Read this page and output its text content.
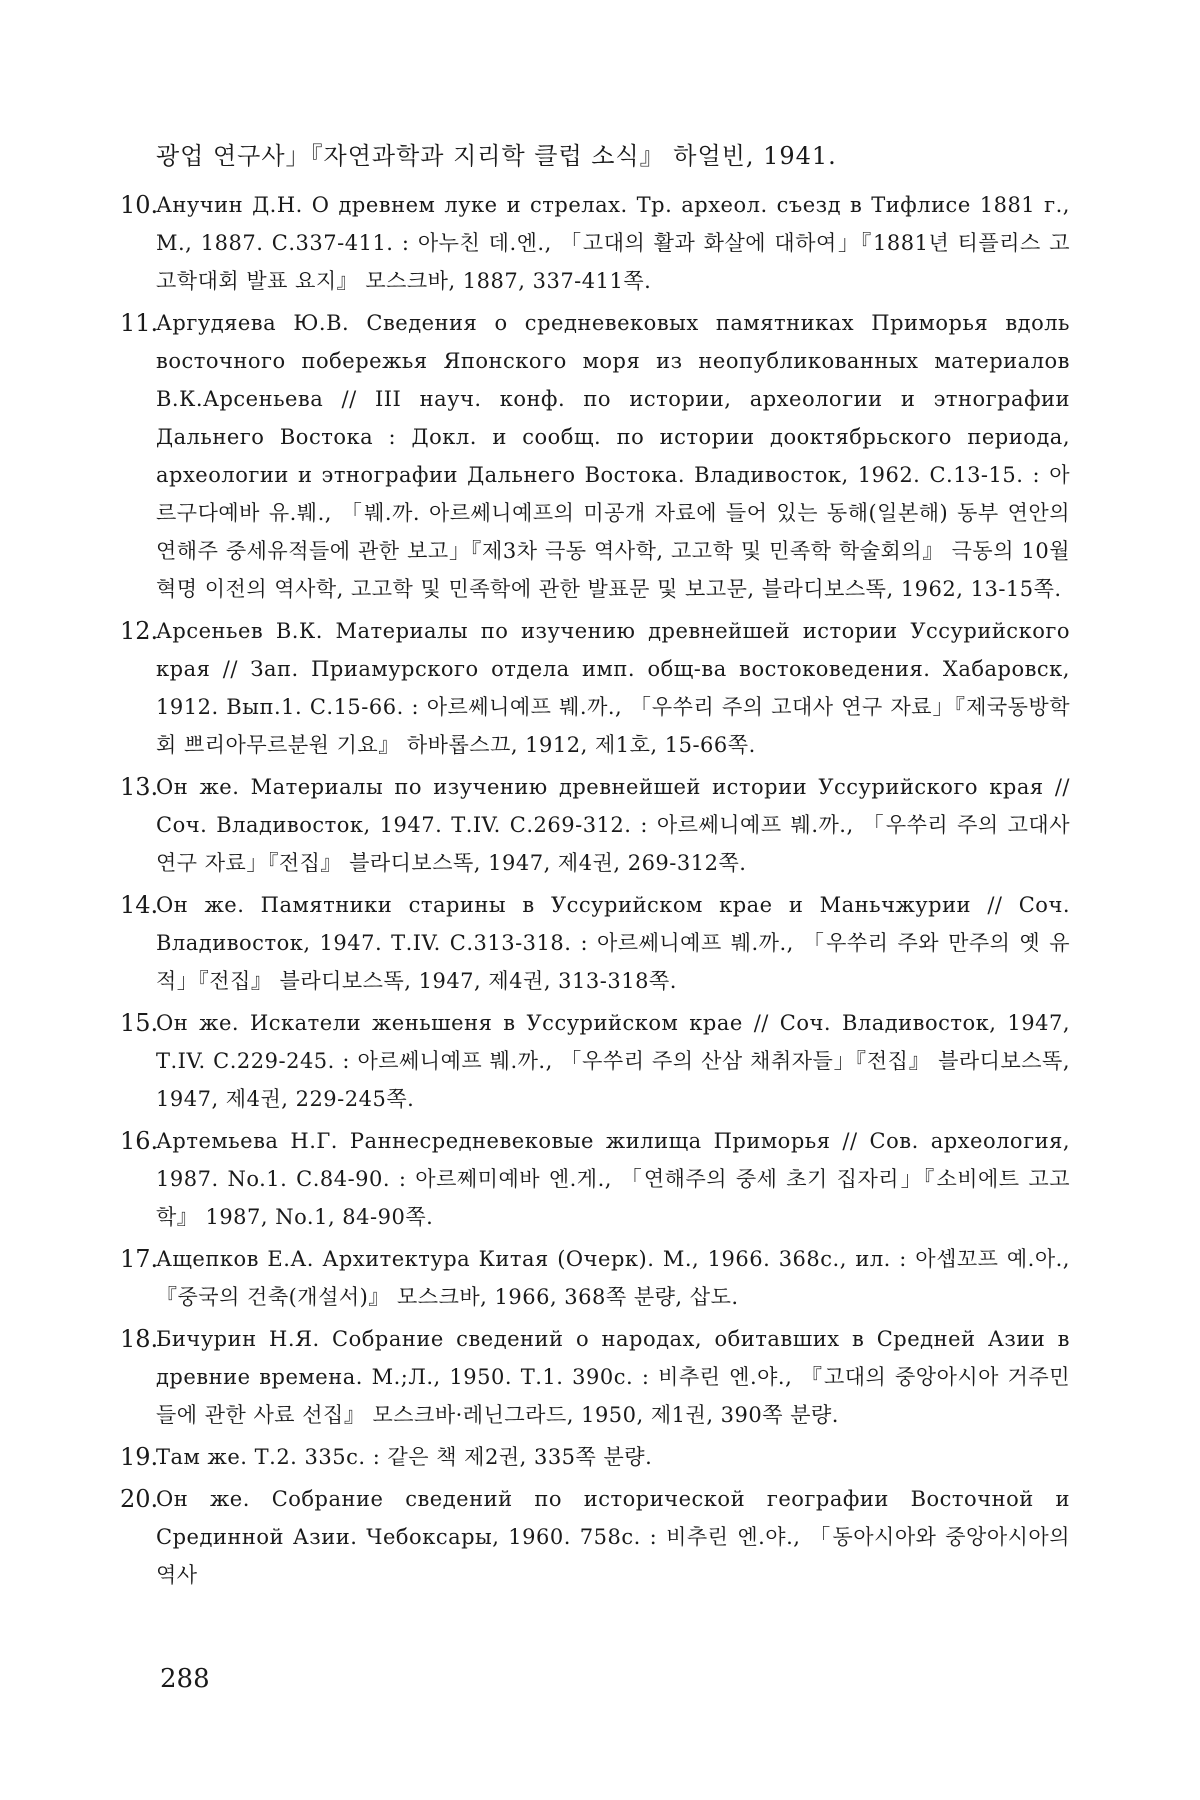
광업 연구사」『자연과학과 지리학 클럽 소식』 하얼빈, 1941.
10.
Анучин Д.Н. О древнем луке и стрелах. Тр. археол. съезд в Тифлисе 1881 г., М., 1887. С.337-411. : 아누친 데.엔., 「고대의 활과 화살에 대하여」『1881년 티플리스 고고학대회 발표 요지』 모스크바, 1887, 337-411쪽.
11.
Аргудяева Ю.В. Сведения о средневековых памятниках Приморья вдоль восточного побережья Японского моря из неопубликованных материалов В.К.Арсеньева // III науч. конф. по истории, археологии и этнографии Дальнего Востока : Докл. и сообщ. по истории дооктябрьского периода, археологии и этнографии Дальнего Востока. Владивосток, 1962. С.13-15. : 아르구다예바 유.붸., 「붸.까. 아르쎄니예프의 미공개 자료에 들어 있는 동해(일본해) 동부 연안의 연해주 중세유적들에 관한 보고」『제3차 극동 역사학, 고고학 및 민족학 학술회의』 극동의 10월혁명 이전의 역사학, 고고학 및 민족학에 관한 발표문 및 보고문, 블라디보스똑, 1962, 13-15쪽.
12.
Арсеньев В.К. Материалы по изучению древнейшей истории Уссурийского края // Зап. Приамурского отдела имп. общ-ва востоковедения. Хабаровск, 1912. Вып.1. С.15-66. : 아르쎄니예프 붸.까., 「우쑤리 주의 고대사 연구 자료」『제국동방학회 쁘리아무르분원 기요』 하바롭스끄, 1912, 제1호, 15-66쪽.
13.
Он же. Материалы по изучению древнейшей истории Уссурийского края // Соч. Владивосток, 1947. Т.IV. С.269-312. : 아르쎄니예프 붸.까., 「우쑤리 주의 고대사 연구 자료」『전집』 블라디보스똑, 1947, 제4권, 269-312쪽.
14.
Он же. Памятники старины в Уссурийском крае и Маньчжурии // Соч. Владивосток, 1947. Т.IV. С.313-318. : 아르쎄니예프 붸.까., 「우쑤리 주와 만주의 옛 유적」『전집』 블라디보스똑, 1947, 제4권, 313-318쪽.
15.
Он же. Искатели женьшеня в Уссурийском крае // Соч. Владивосток, 1947, Т.IV. С.229-245. : 아르쎄니예프 붸.까., 「우쑤리 주의 산삼 채취자들」『전집』 블라디보스똑, 1947, 제4권, 229-245쪽.
16.
Артемьева Н.Г. Раннесредневековые жилища Приморья // Сов. археология, 1987. No.1. С.84-90. : 아르쩨미예바 엔.게., 「연해주의 중세 초기 집자리」『소비에트 고고학』 1987, No.1, 84-90쪽.
17.
Ащепков Е.А. Архитектура Китая (Очерк). М., 1966. 368с., ил. : 아셉꼬프 예.아., 『중국의 건축(개설서)』 모스크바, 1966, 368쪽 분량, 삽도.
18.
Бичурин Н.Я. Собрание сведений о народах, обитавших в Средней Азии в древние времена. М.;Л., 1950. Т.1. 390с. : 비추린 엔.야., 『고대의 중앙아시아 거주민들에 관한 사료 선집』 모스크바·레닌그라드, 1950, 제1권, 390쪽 분량.
19.
Там же. Т.2. 335с. : 같은 책 제2권, 335쪽 분량.
20.
Он же. Собрание сведений по исторической географии Восточной и Срединной Азии. Чебоксары, 1960. 758с. : 비추린 엔.야., 「동아시아와 중앙아시아의 역사
288
